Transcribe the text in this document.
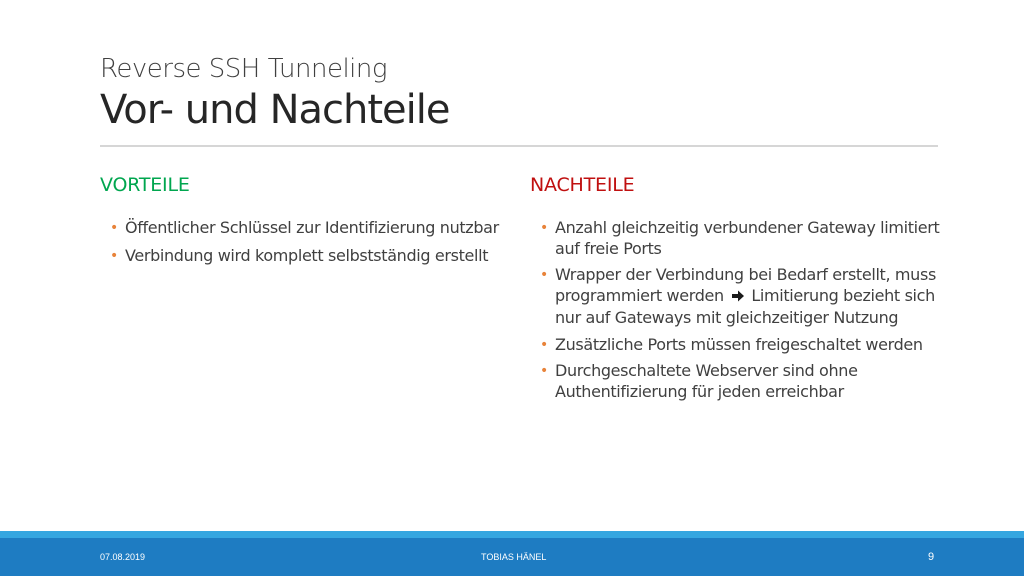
Reverse SSH Tunneling
Vor- und Nachteile
VORTEILE
• Öffentlicher Schlüssel zur Identifizierung nutzbar
• Verbindung wird komplett selbstständig erstellt
NACHTEILE
• Anzahl gleichzeitig verbundener Gateway limitiert auf freie Ports
• Wrapper der Verbindung bei Bedarf erstellt, muss programmiert werden Limitierung bezieht sich nur auf Gateways mit gleichzeitiger Nutzung
• Zusätzliche Ports müssen freigeschaltet werden
• Durchgeschaltete Webserver sind ohne Authentifizierung für jeden erreichbar
07.08.2019	TOBIAS HÄNEL	9
